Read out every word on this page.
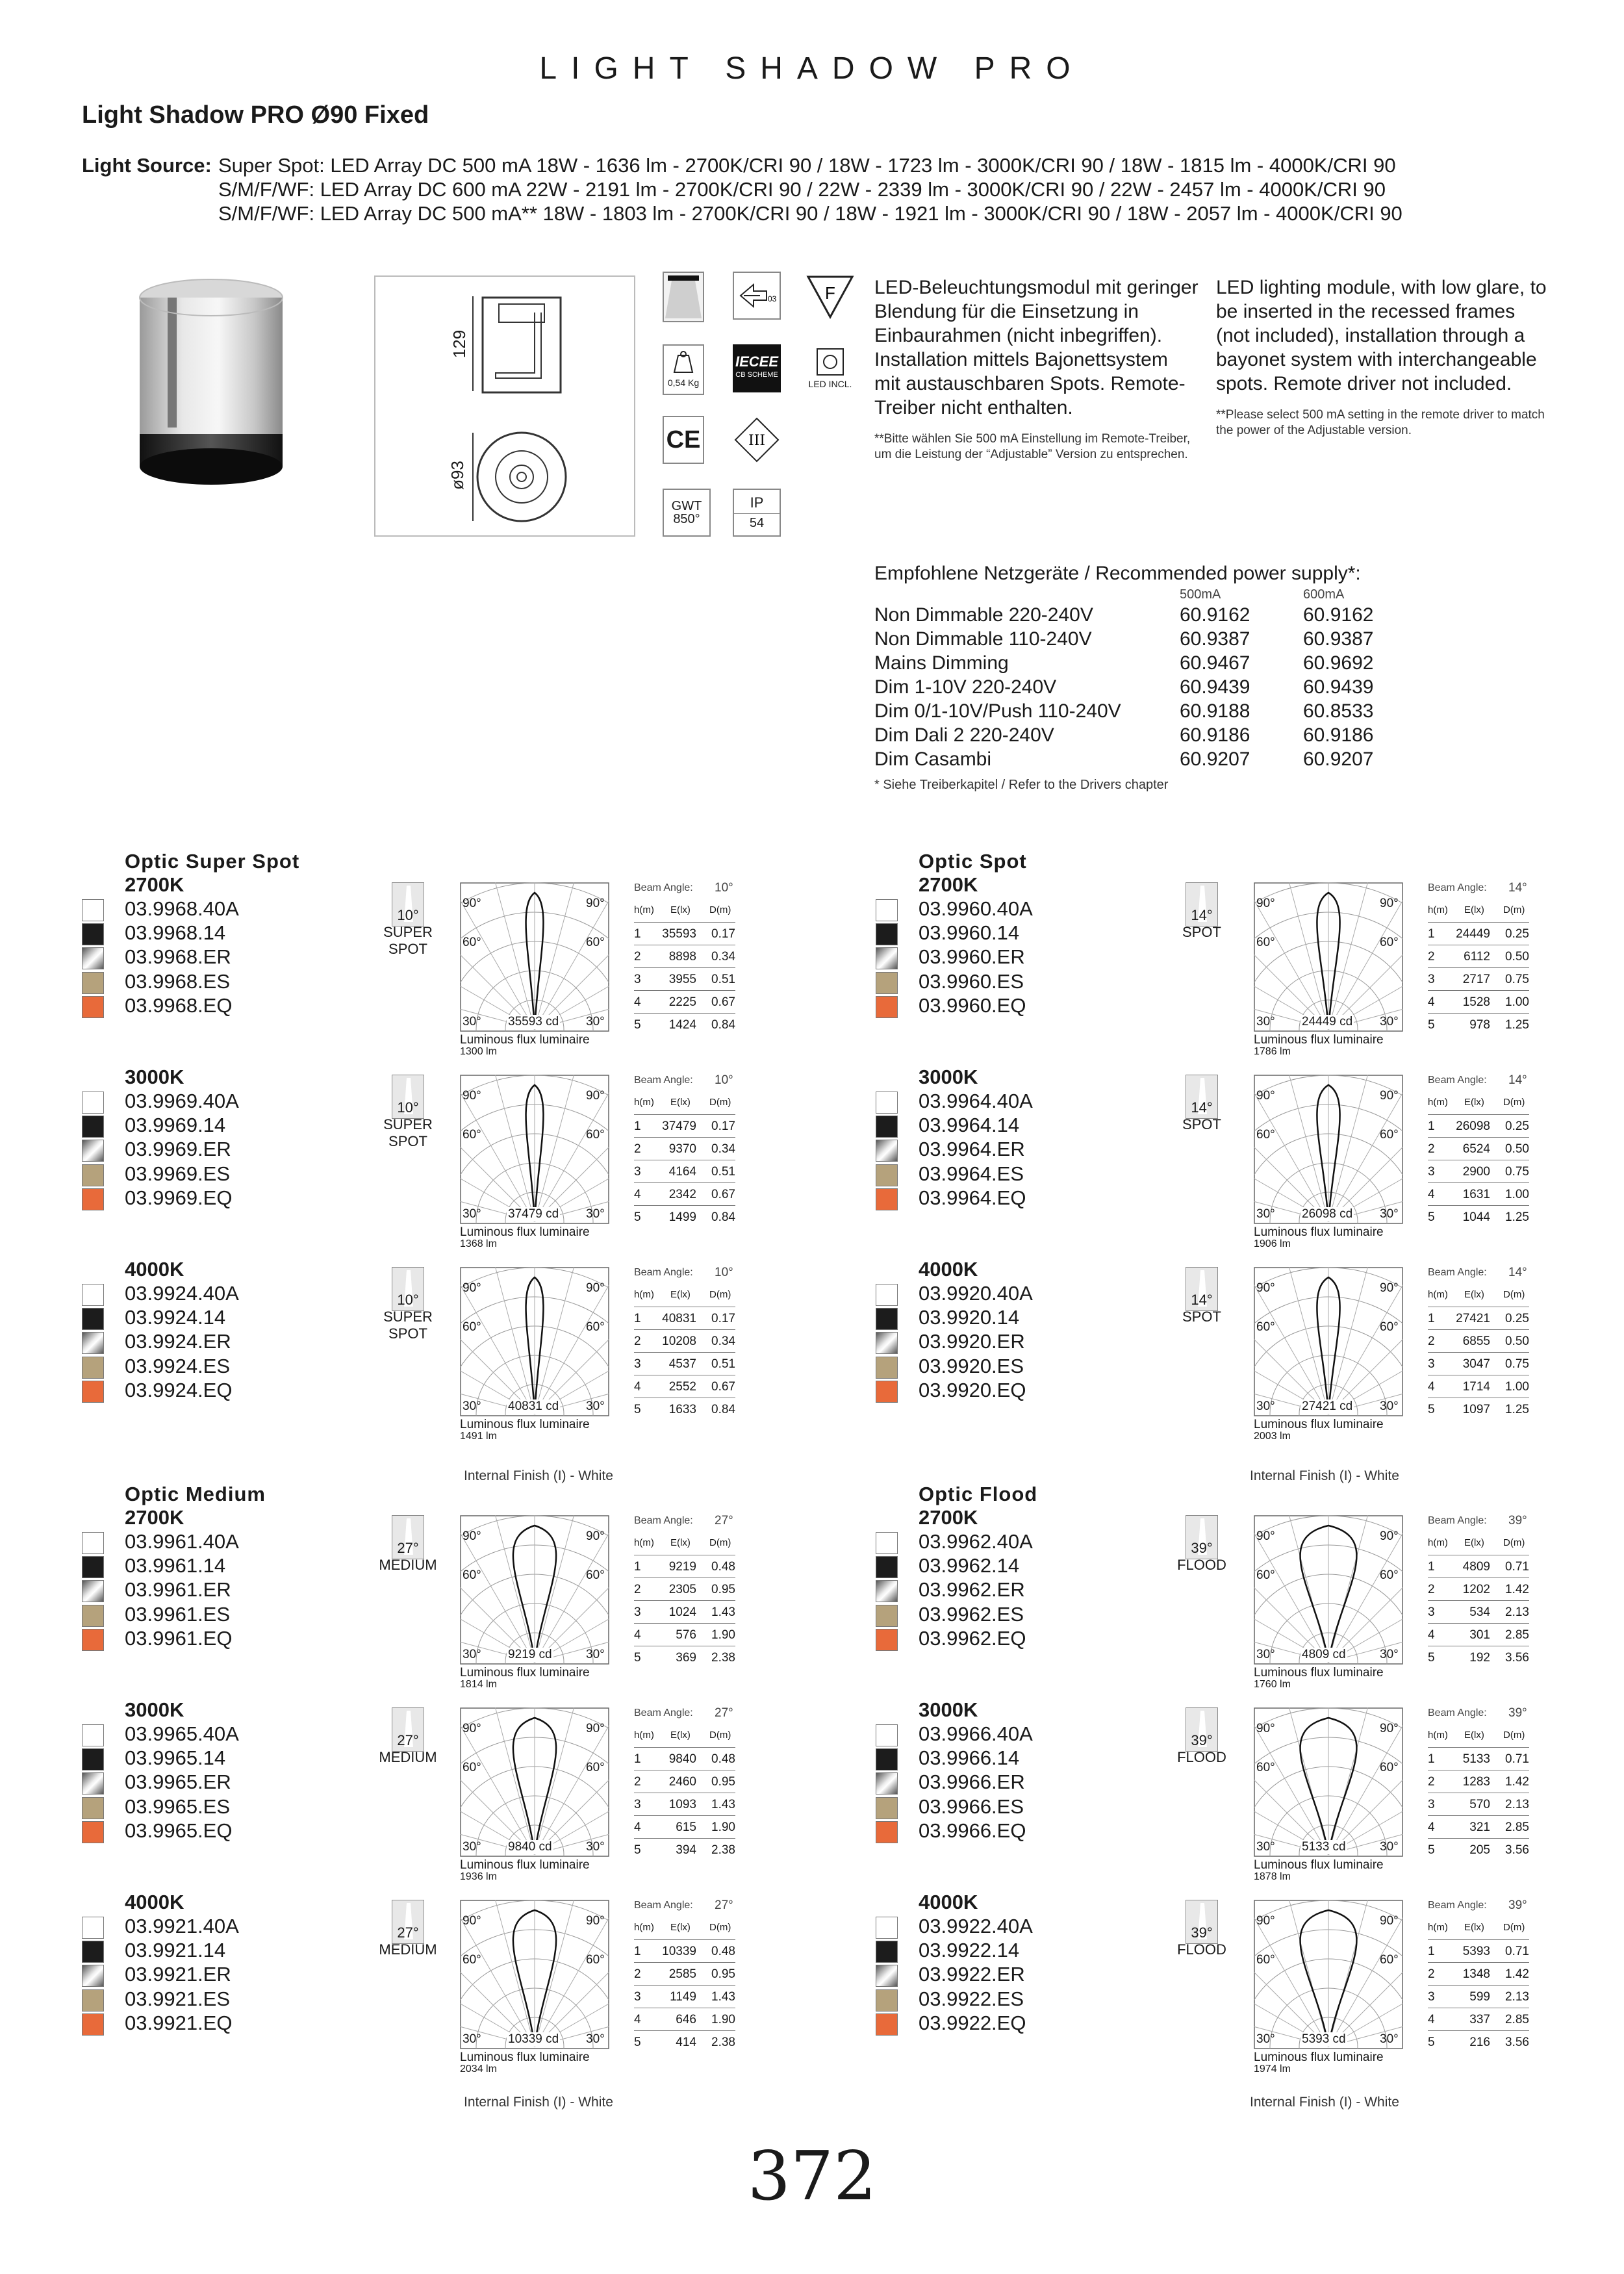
LIGHT SHADOW PRO
Light Shadow PRO Ø90 Fixed
Light Source: Super Spot: LED Array DC 500 mA 18W - 1636 lm - 2700K/CRI 90 / 18W - 1723 lm - 3000K/CRI 90 / 18W - 1815 lm - 4000K/CRI 90
S/M/F/WF: LED Array DC 600 mA 22W - 2191 lm - 2700K/CRI 90 / 22W - 2339 lm - 3000K/CRI 90 / 22W - 2457 lm - 4000K/CRI 90
S/M/F/WF: LED Array DC 500 mA** 18W - 1803 lm - 2700K/CRI 90 / 18W - 1921 lm - 3000K/CRI 90 / 18W - 2057 lm - 4000K/CRI 90
129
ø93
03	F
0,54 Kg
IECEE
CB SCHEME
LED INCL.
CE	III
GWT
850°
IP
54
LED-Beleuchtungsmodul mit geringer Blendung für die Einsetzung in Einbaurahmen (nicht inbegriffen). Installation mittels Bajonettsystem mit austauschbaren Spots. Remote-Treiber nicht enthalten.
**Bitte wählen Sie 500 mA Einstellung im Remote-Treiber, um die Leistung der “Adjustable” Version zu entsprechen.
LED lighting module, with low glare, to be inserted in the recessed frames (not included), installation through a bayonet system with interchangeable spots. Remote driver not included.
**Please select 500 mA setting in the remote driver to match the power of the Adjustable version.
Empfohlene Netzgeräte / Recommended power supply*:
500mA	600mA
Non Dimmable 220-240V	60.9162	60.9162
Non Dimmable 110-240V	60.9387	60.9387
Mains Dimming	60.9467	60.9692
Dim 1-10V 220-240V	60.9439	60.9439
Dim 0/1-10V/Push 110-240V	60.9188	60.8533
Dim Dali 2 220-240V	60.9186	60.9186
Dim Casambi	60.9207	60.9207
* Siehe Treiberkapitel / Refer to the Drivers chapter
Optic Super Spot
2700K
03.9968.40A
03.9968.14
03.9968.ER
03.9968.ES
03.9968.EQ
10°
SUPER
SPOT
90°	90°
60°	60°
30°	30°
35593 cd
Luminous flux luminaire
1300 lm
Beam Angle: 10°
h(m) E(lx) D(m)
1 35593 0.17
2 8898 0.34
3 3955 0.51
4 2225 0.67
5 1424 0.84
3000K
03.9969.40A
03.9969.14
03.9969.ER
03.9969.ES
03.9969.EQ
10°
SUPER
SPOT
90°	90°
60°	60°
30°	30°
37479 cd
Luminous flux luminaire
1368 lm
Beam Angle: 10°
h(m) E(lx) D(m)
1 37479 0.17
2 9370 0.34
3 4164 0.51
4 2342 0.67
5 1499 0.84
4000K
03.9924.40A
03.9924.14
03.9924.ER
03.9924.ES
03.9924.EQ
10°
SUPER
SPOT
90°	90°
60°	60°
30°	30°
40831 cd
Luminous flux luminaire
1491 lm
Beam Angle: 10°
h(m) E(lx) D(m)
1 40831 0.17
2 10208 0.34
3 4537 0.51
4 2552 0.67
5 1633 0.84
Optic Spot
2700K
03.9960.40A
03.9960.14
03.9960.ER
03.9960.ES
03.9960.EQ
14°
SPOT
90°	90°
60°	60°
30°	30°
24449 cd
Luminous flux luminaire
1786 lm
Beam Angle: 14°
h(m) E(lx) D(m)
1 24449 0.25
2 6112 0.50
3 2717 0.75
4 1528 1.00
5	978 1.25
3000K
03.9964.40A
03.9964.14
03.9964.ER
03.9964.ES
03.9964.EQ
14°
SPOT
90°	90°
60°	60°
30°	30°
26098 cd
Luminous flux luminaire
1906 lm
Beam Angle: 14°
h(m) E(lx) D(m)
1 26098 0.25
2 6524 0.50
3 2900 0.75
4 1631 1.00
5 1044 1.25
4000K
03.9920.40A
03.9920.14
03.9920.ER
03.9920.ES
03.9920.EQ
14°
SPOT
90°	90°
60°	60°
30°	30°
27421 cd
Luminous flux luminaire
2003 lm
Beam Angle: 14°
h(m) E(lx) D(m)
1 27421 0.25
2 6855 0.50
3 3047 0.75
4 1714 1.00
5 1097 1.25
Optic Medium
2700K
03.9961.40A
03.9961.14
03.9961.ER
03.9961.ES
03.9961.EQ
27°
MEDIUM
90°	90°
60°	60°
30°	30°
9219 cd
Luminous flux luminaire
1814 lm
Beam Angle: 27°
h(m) E(lx) D(m)
1 9219 0.48
2 2305 0.95
3 1024 1.43
4	576 1.90
5	369 2.38
3000K
03.9965.40A
03.9965.14
03.9965.ER
03.9965.ES
03.9965.EQ
27°
MEDIUM
90°	90°
60°	60°
30°	30°
9840 cd
Luminous flux luminaire
1936 lm
Beam Angle: 27°
h(m) E(lx) D(m)
1 9840 0.48
2 2460 0.95
3 1093 1.43
4	615 1.90
5	394 2.38
4000K
03.9921.40A
03.9921.14
03.9921.ER
03.9921.ES
03.9921.EQ
27°
MEDIUM
90°	90°
60°	60°
30°	30°
10339 cd
Luminous flux luminaire
2034 lm
Beam Angle: 27°
h(m) E(lx) D(m)
1 10339 0.48
2 2585 0.95
3 1149 1.43
4	646 1.90
5	414 2.38
Optic Flood
2700K
03.9962.40A
03.9962.14
03.9962.ER
03.9962.ES
03.9962.EQ
39°
FLOOD
90°	90°
60°	60°
30°	30°
4809 cd
Luminous flux luminaire
1760 lm
Beam Angle: 39°
h(m) E(lx) D(m)
1 4809 0.71
2 1202 1.42
3	534 2.13
4	301 2.85
5	192 3.56
3000K
03.9966.40A
03.9966.14
03.9966.ER
03.9966.ES
03.9966.EQ
39°
FLOOD
90°	90°
60°	60°
30°	30°
5133 cd
Luminous flux luminaire
1878 lm
Beam Angle: 39°
h(m) E(lx) D(m)
1 5133 0.71
2 1283 1.42
3	570 2.13
4	321 2.85
5	205 3.56
4000K
03.9922.40A
03.9922.14
03.9922.ER
03.9922.ES
03.9922.EQ
39°
FLOOD
90°	90°
60°	60°
30°	30°
5393 cd
Luminous flux luminaire
1974 lm
Beam Angle: 39°
h(m) E(lx) D(m)
1 5393 0.71
2 1348 1.42
3	599 2.13
4	337 2.85
5	216 3.56
Internal Finish (I) - White	Internal Finish (I) - White
Internal Finish (I) - White	Internal Finish (I) - White
372
